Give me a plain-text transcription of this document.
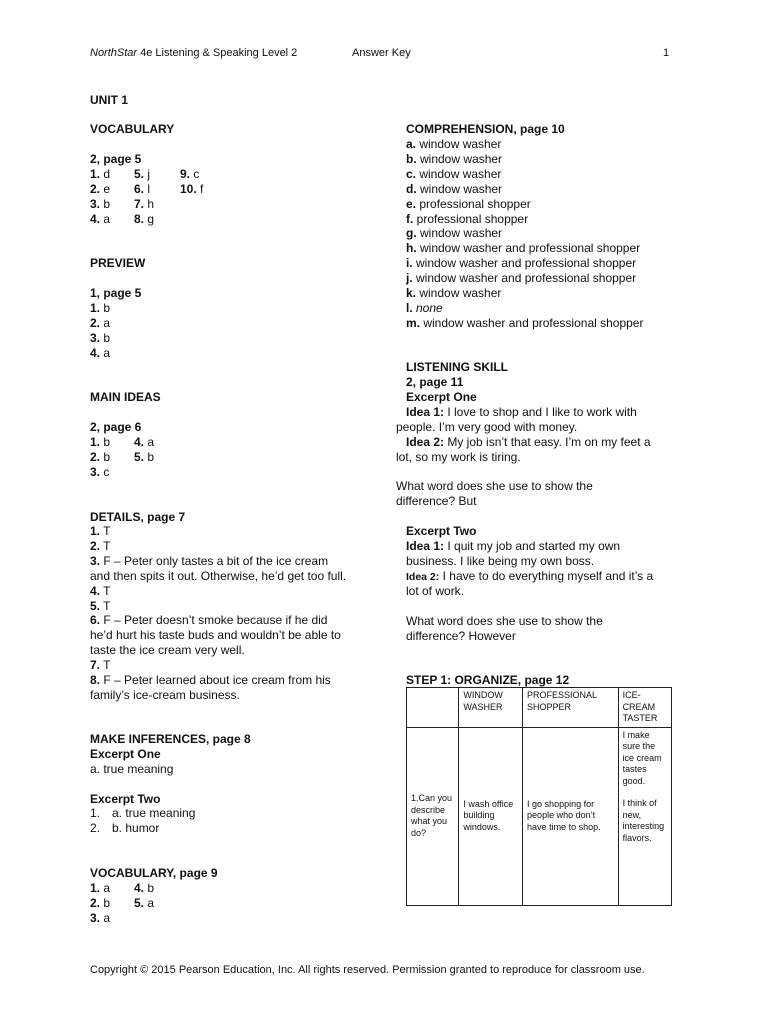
NorthStar 4e Listening & Speaking Level 2	Answer Key	1
UNIT 1
VOCABULARY
2, page 5
1. d	5. j	9. c
2. e	6. l	10. f
3. b	7. h
4. a	8. g
PREVIEW
1, page 5
1. b
2. a
3. b
4. a
MAIN IDEAS
2, page 6
1. b	4. a
2. b	5. b
3. c
DETAILS, page 7
1. T
2. T
3. F – Peter only tastes a bit of the ice cream
and then spits it out. Otherwise, he’d get too full.
4. T
5. T
6. F – Peter doesn’t smoke because if he did
he’d hurt his taste buds and wouldn’t be able to
taste the ice cream very well.
7. T
8. F – Peter learned about ice cream from his
family’s ice-cream business.
MAKE INFERENCES, page 8
Excerpt One
a. true meaning
Excerpt Two
1. a. true meaning
2. b. humor
VOCABULARY, page 9
1. a	4. b
2. b	5. a
3. a
COMPREHENSION, page 10
a. window washer
b. window washer
c. window washer
d. window washer
e. professional shopper
f. professional shopper
g. window washer
h. window washer and professional shopper
i. window washer and professional shopper
j. window washer and professional shopper
k. window washer
l. none
m. window washer and professional shopper
LISTENING SKILL
2, page 11
Excerpt One
Idea 1: I love to shop and I like to work with
people. I’m very good with money.
Idea 2: My job isn’t that easy. I’m on my feet a
lot, so my work is tiring.
What word does she use to show the
difference? But
Excerpt Two
Idea 1: I quit my job and started my own
business. I like being my own boss.
Idea 2: I have to do everything myself and it’s a
lot of work.
What word does she use to show the
difference? However
STEP 1: ORGANIZE, page 12
	WINDOW WASHER	PROFESSIONAL SHOPPER	ICE-CREAM TASTER
1.Can you describe what you do?	I wash office building windows.	I go shopping for people who don’t have time to shop.	I make sure the ice cream tastes good.
I think of new, interesting flavors.
Copyright © 2015 Pearson Education, Inc. All rights reserved. Permission granted to reproduce for classroom use.
